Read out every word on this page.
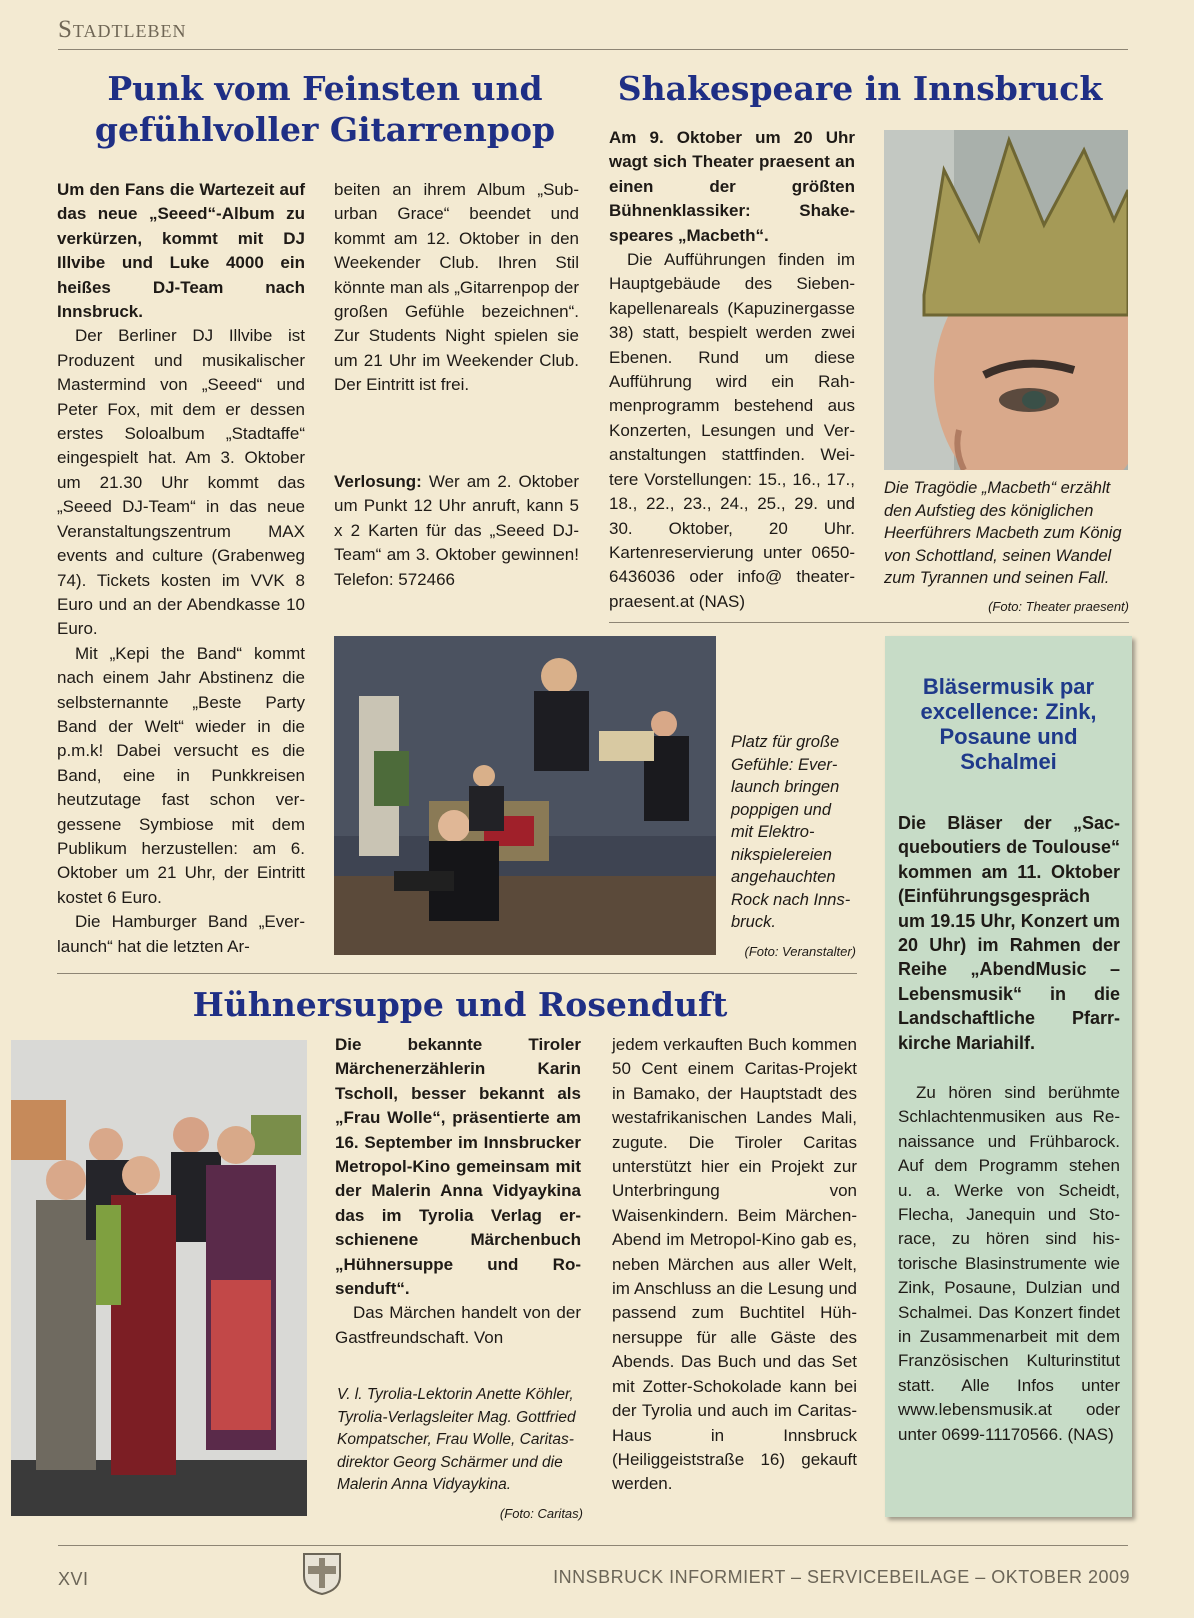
Stadtleben
Punk vom Feinsten und
gefühlvoller Gitarrenpop

Um den Fans die Wartezeit auf das neue „Seeed“-Album zu verkürzen, kommt mit DJ Illvibe und Luke 4000 ein heißes DJ-Team nach Innsbruck.

Der Berliner DJ Illvibe ist Produzent und musikalischer Mastermind von „Seeed“ und Peter Fox, mit dem er dessen erstes Soloalbum „Stadtaffe“ eingespielt hat. Am 3. Oktober um 21.30 Uhr kommt das „Seeed DJ-Team“ in das neue Veranstaltungszentrum MAX events and culture (Grabenweg 74). Tickets kosten im VVK 8 Euro und an der Abendkasse 10 Euro.

Mit „Kepi the Band“ kommt nach einem Jahr Abstinenz die selbsternannte „Beste Party Band der Welt“ wieder in die p.m.k! Dabei versucht es die Band, eine in Punkkreisen heutzutage fast schon vergessene Symbiose mit dem Publikum herzustellen: am 6. Oktober um 21 Uhr, der Eintritt kostet 6 Euro.

Die Hamburger Band „Everlaunch“ hat die letzten Ar-

beiten an ihrem Album „Suburban Grace“ beendet und kommt am 12. Oktober in den Weekender Club. Ihren Stil könnte man als „Gitarrenpop der großen Gefühle bezeichnen“. Zur Students Night spielen sie um 21 Uhr im Weekender Club. Der Eintritt ist frei.

Verlosung: Wer am 2. Oktober um Punkt 12 Uhr anruft, kann 5 x 2 Karten für das „Seeed DJ-Team“ am 3. Oktober gewinnen! Telefon: 572466

Platz für große Gefühle: Everlaunch bringen poppigen und mit Elektronikspielereien angehauchten Rock nach Innsbruck.
(Foto: Veranstalter)
Shakespeare in Innsbruck

Am 9. Oktober um 20 Uhr wagt sich Theater praesent an einen der größten Bühnenklassiker: Shakespeares „Macbeth“.

Die Aufführungen finden im Hauptgebäude des Siebenkapellenareals (Kapuzinergasse 38) statt, bespielt werden zwei Ebenen. Rund um diese Aufführung wird ein Rahmenprogramm bestehend aus Konzerten, Lesungen und Veranstaltungen stattfinden. Weitere Vorstellungen: 15., 16., 17., 18., 22., 23., 24., 25., 29. und 30. Oktober, 20 Uhr. Kartenreservierung unter 0650-6436036 oder info@ theater-praesent.at (NAS)

Die Tragödie „Macbeth“ erzählt den Aufstieg des königlichen Heerführers Macbeth zum König von Schottland, seinen Wandel zum Tyrannen und seinen Fall.
(Foto: Theater praesent)
Hühnersuppe und Rosenduft

Die bekannte Tiroler Märchenerzählerin Karin Tscholl, besser bekannt als „Frau Wolle“, präsentierte am 16. September im Innsbrucker Metropol-Kino gemeinsam mit der Malerin Anna Vidyaykina das im Tyrolia Verlag erschienene Märchenbuch „Hühnersuppe und Rosenduft“.

Das Märchen handelt von der Gastfreundschaft. Von

V. l. Tyrolia-Lektorin Anette Köhler, Tyrolia-Verlagsleiter Mag. Gottfried Kompatscher, Frau Wolle, Caritasdirektor Georg Schärmer und die Malerin Anna Vidyaykina.
(Foto: Caritas)

jedem verkauften Buch kommen 50 Cent einem Caritas-Projekt in Bamako, der Hauptstadt des westafrikanischen Landes Mali, zugute. Die Tiroler Caritas unterstützt hier ein Projekt zur Unterbringung von Waisenkindern. Beim Märchen-Abend im Metropol-Kino gab es, neben Märchen aus aller Welt, im Anschluss an die Lesung und passend zum Buchtitel Hühnersuppe für alle Gäste des Abends. Das Buch und das Set mit Zotter-Schokolade kann bei der Tyrolia und auch im Caritas-Haus in Innsbruck (Heiliggeiststraße 16) gekauft werden.

Bläsermusik par excellence: Zink, Posaune und Schalmei

Die Bläser der „Sacqueboutiers de Toulouse“ kommen am 11. Oktober (Einführungsgespräch um 19.15 Uhr, Konzert um 20 Uhr) im Rahmen der Reihe „AbendMusic – Lebensmusik“ in die Landschaftliche Pfarrkirche Mariahilf.

Zu hören sind berühmte Schlachtenmusiken aus Renaissance und Frühbarock. Auf dem Programm stehen u. a. Werke von Scheidt, Flecha, Janequin und Storace, zu hören sind historische Blasinstrumente wie Zink, Posaune, Dulzian und Schalmei. Das Konzert findet in Zusammenarbeit mit dem Französischen Kulturinstitut statt. Alle Infos unter www.lebensmusik.at oder unter 0699-11170566. (NAS)

XVI	INNSBRUCK INFORMIERT – SERVICEBEILAGE – OKTOBER 2009
